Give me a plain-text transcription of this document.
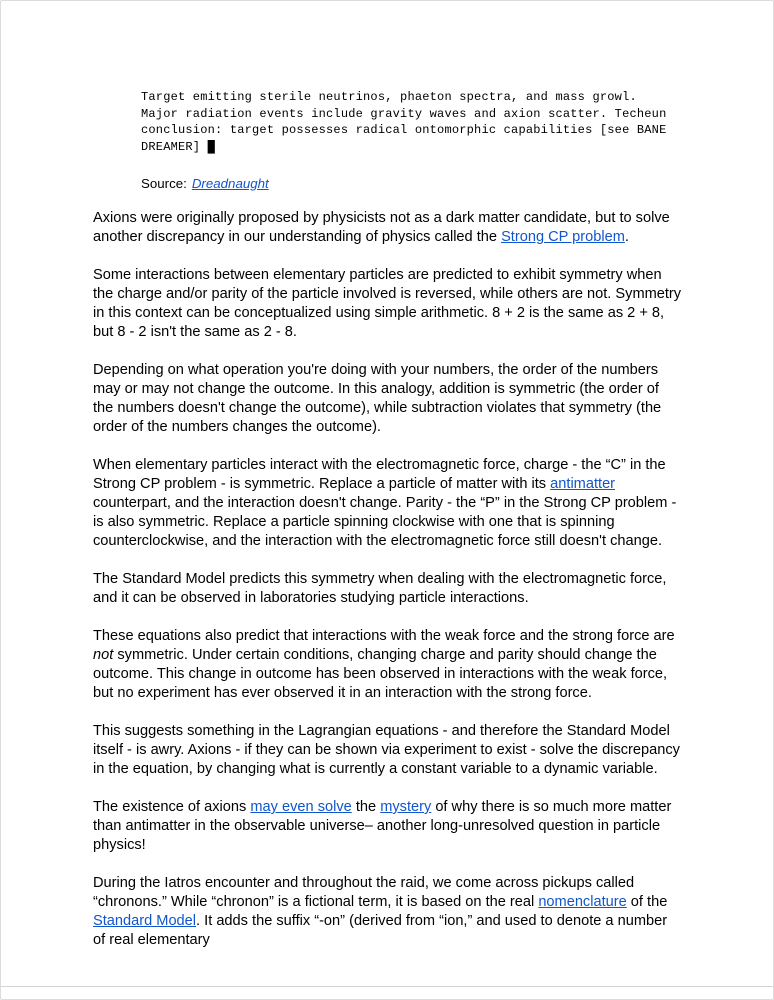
Target emitting sterile neutrinos, phaeton spectra, and mass growl.
Major radiation events include gravity waves and axion scatter. Techeun
conclusion: target possesses radical ontomorphic capabilities [see BANE
DREAMER] █
Source: Dreadnaught

Axions were originally proposed by physicists not as a dark matter candidate, but to solve another discrepancy in our understanding of physics called the Strong CP problem.

Some interactions between elementary particles are predicted to exhibit symmetry when the charge and/or parity of the particle involved is reversed, while others are not. Symmetry in this context can be conceptualized using simple arithmetic. 8 + 2 is the same as 2 + 8, but 8 - 2 isn't the same as 2 - 8.

Depending on what operation you're doing with your numbers, the order of the numbers may or may not change the outcome. In this analogy, addition is symmetric (the order of the numbers doesn't change the outcome), while subtraction violates that symmetry (the order of the numbers changes the outcome).

When elementary particles interact with the electromagnetic force, charge - the “C” in the Strong CP problem - is symmetric. Replace a particle of matter with its antimatter counterpart, and the interaction doesn't change. Parity - the “P” in the Strong CP problem - is also symmetric. Replace a particle spinning clockwise with one that is spinning counterclockwise, and the interaction with the electromagnetic force still doesn't change.

The Standard Model predicts this symmetry when dealing with the electromagnetic force, and it can be observed in laboratories studying particle interactions.

These equations also predict that interactions with the weak force and the strong force are not symmetric. Under certain conditions, changing charge and parity should change the outcome. This change in outcome has been observed in interactions with the weak force, but no experiment has ever observed it in an interaction with the strong force.

This suggests something in the Lagrangian equations - and therefore the Standard Model itself - is awry. Axions - if they can be shown via experiment to exist - solve the discrepancy in the equation, by changing what is currently a constant variable to a dynamic variable.

The existence of axions may even solve the mystery of why there is so much more matter than antimatter in the observable universe– another long-unresolved question in particle physics!

During the Iatros encounter and throughout the raid, we come across pickups called “chronons.” While “chronon” is a fictional term, it is based on the real nomenclature of the Standard Model. It adds the suffix “-on” (derived from “ion,” and used to denote a number of real elementary
